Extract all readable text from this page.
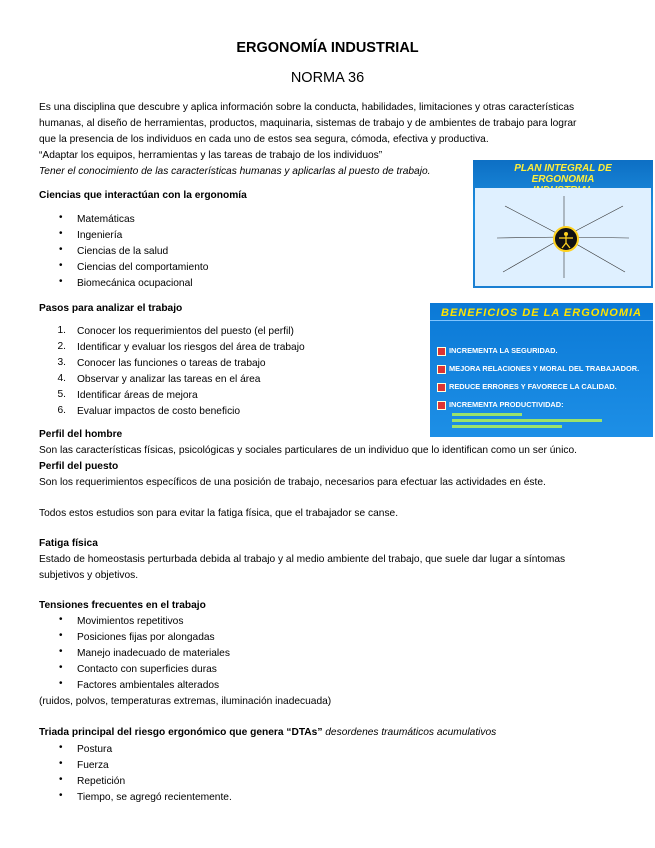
ERGONOMÍA INDUSTRIAL
NORMA 36
Es una disciplina que descubre y aplica información sobre la conducta, habilidades, limitaciones y otras características
humanas, al diseño de herramientas, productos, maquinaria, sistemas de trabajo y de ambientes de trabajo para lograr
que la presencia de los individuos en cada uno de estos sea segura, cómoda, efectiva y productiva.
“Adaptar los equipos, herramientas y las tareas de trabajo de los individuos”
Tener el conocimiento de las características humanas y aplicarlas al puesto de trabajo.
Ciencias que interactúan con la ergonomía
• Matemáticas
• Ingeniería
• Ciencias de la salud
• Ciencias del comportamiento
• Biomecánica ocupacional
Pasos para analizar el trabajo
1. Conocer los requerimientos del puesto (el perfil)
2. Identificar y evaluar los riesgos del área de trabajo
3. Conocer las funciones o tareas de trabajo
4. Observar y analizar las tareas en el área
5. Identificar áreas de mejora
6. Evaluar impactos de costo beneficio
Perfil del hombre
Son las características físicas, psicológicas y sociales particulares de un individuo que lo identifican como un ser único.
Perfil del puesto
Son los requerimientos específicos de una posición de trabajo, necesarios para efectuar las actividades en éste.
Todos estos estudios son para evitar la fatiga física, que el trabajador se canse.
Fatiga física
Estado de homeostasis perturbada debida al trabajo y al medio ambiente del trabajo, que suele dar lugar a síntomas
subjetivos y objetivos.
Tensiones frecuentes en el trabajo
• Movimientos repetitivos
• Posiciones fijas por alongadas
• Manejo inadecuado de materiales
• Contacto con superficies duras
• Factores ambientales alterados
(ruidos, polvos, temperaturas extremas, iluminación inadecuada)
Triada principal del riesgo ergonómico que genera “DTAs” desordenes traumáticos acumulativos
• Postura
• Fuerza
• Repetición
• Tiempo, se agregó recientemente.
PLAN INTEGRAL DE
ERGONOMIA
BENEFICIOS DE LA ERGONOMIA
INCREMENTA LA SEGURIDAD.
MEJORA RELACIONES Y MORAL DEL TRABAJADOR.
REDUCE ERRORES Y FAVORECE LA CALIDAD.
INCREMENTA PRODUCTIVIDAD:
